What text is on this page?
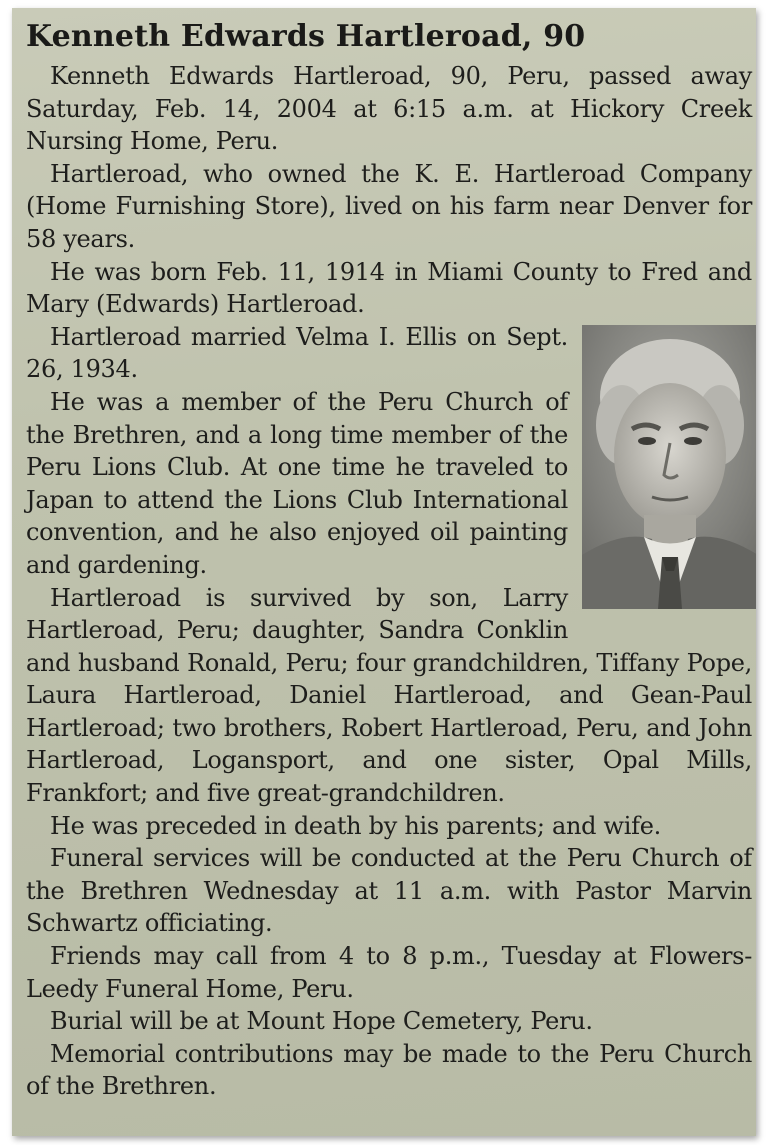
Kenneth Edwards Hartleroad, 90

Kenneth Edwards Hartleroad, 90, Peru, passed away Saturday, Feb. 14, 2004 at 6:15 a.m. at Hickory Creek Nursing Home, Peru.

Hartleroad, who owned the K. E. Hartleroad Company (Home Furnishing Store), lived on his farm near Denver for 58 years.

He was born Feb. 11, 1914 in Miami County to Fred and Mary (Edwards) Hartleroad.

Hartleroad married Velma I. Ellis on Sept. 26, 1934.

He was a member of the Peru Church of the Brethren, and a long time member of the Peru Lions Club. At one time he traveled to Japan to attend the Lions Club International convention, and he also enjoyed oil painting and gardening.

Hartleroad is survived by son, Larry Hartleroad, Peru; daughter, Sandra Conklin and husband Ronald, Peru; four grandchildren, Tiffany Pope, Laura Hartleroad, Daniel Hartleroad, and Gean-Paul Hartleroad; two brothers, Robert Hartleroad, Peru, and John Hartleroad, Logansport, and one sister, Opal Mills, Frankfort; and five great-grandchildren.

He was preceded in death by his parents; and wife.

Funeral services will be conducted at the Peru Church of the Brethren Wednesday at 11 a.m. with Pastor Marvin Schwartz officiating.

Friends may call from 4 to 8 p.m., Tuesday at Flowers-Leedy Funeral Home, Peru.

Burial will be at Mount Hope Cemetery, Peru.

Memorial contributions may be made to the Peru Church of the Brethren.
